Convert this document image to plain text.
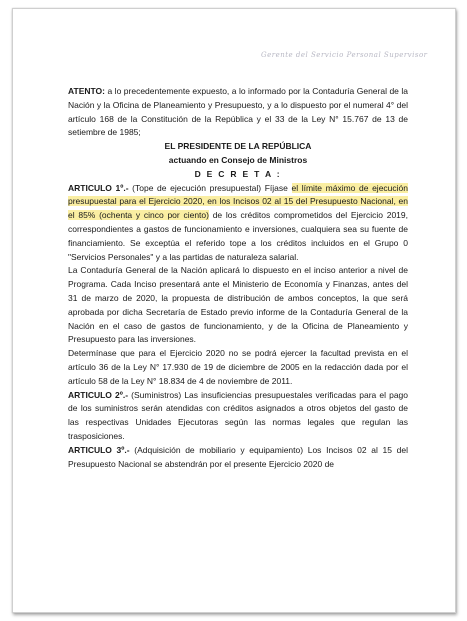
Gerente del Servicio Personal Supervisor

ATENTO: a lo precedentemente expuesto, a lo informado por la Contaduría General de la Nación y la Oficina de Planeamiento y Presupuesto, y a lo dispuesto por el numeral 4° del artículo 168 de la Constitución de la República y el 33 de la Ley N° 15.767 de 13 de setiembre de 1985;

EL PRESIDENTE DE LA REPÚBLICA

actuando en Consejo de Ministros

D E C R E T A :

ARTICULO 1º.- (Tope de ejecución presupuestal) Fíjase el límite máximo de ejecución presupuestal para el Ejercicio 2020, en los Incisos 02 al 15 del Presupuesto Nacional, en el 85% (ochenta y cinco por ciento) de los créditos comprometidos del Ejercicio 2019, correspondientes a gastos de funcionamiento e inversiones, cualquiera sea su fuente de financiamiento. Se exceptúa el referido tope a los créditos incluidos en el Grupo 0 "Servicios Personales" y a las partidas de naturaleza salarial.

La Contaduría General de la Nación aplicará lo dispuesto en el inciso anterior a nivel de Programa. Cada Inciso presentará ante el Ministerio de Economía y Finanzas, antes del 31 de marzo de 2020, la propuesta de distribución de ambos conceptos, la que será aprobada por dicha Secretaría de Estado previo informe de la Contaduría General de la Nación en el caso de gastos de funcionamiento, y de la Oficina de Planeamiento y Presupuesto para las inversiones.

Determínase que para el Ejercicio 2020 no se podrá ejercer la facultad prevista en el artículo 36 de la Ley N° 17.930 de 19 de diciembre de 2005 en la redacción dada por el artículo 58 de la Ley N° 18.834 de 4 de noviembre de 2011.

ARTICULO 2º.- (Suministros) Las insuficiencias presupuestales verificadas para el pago de los suministros serán atendidas con créditos asignados a otros objetos del gasto de las respectivas Unidades Ejecutoras según las normas legales que regulan las trasposiciones.

ARTICULO 3º.- (Adquisición de mobiliario y equipamiento) Los Incisos 02 al 15 del Presupuesto Nacional se abstendrán por el presente Ejercicio 2020 de
